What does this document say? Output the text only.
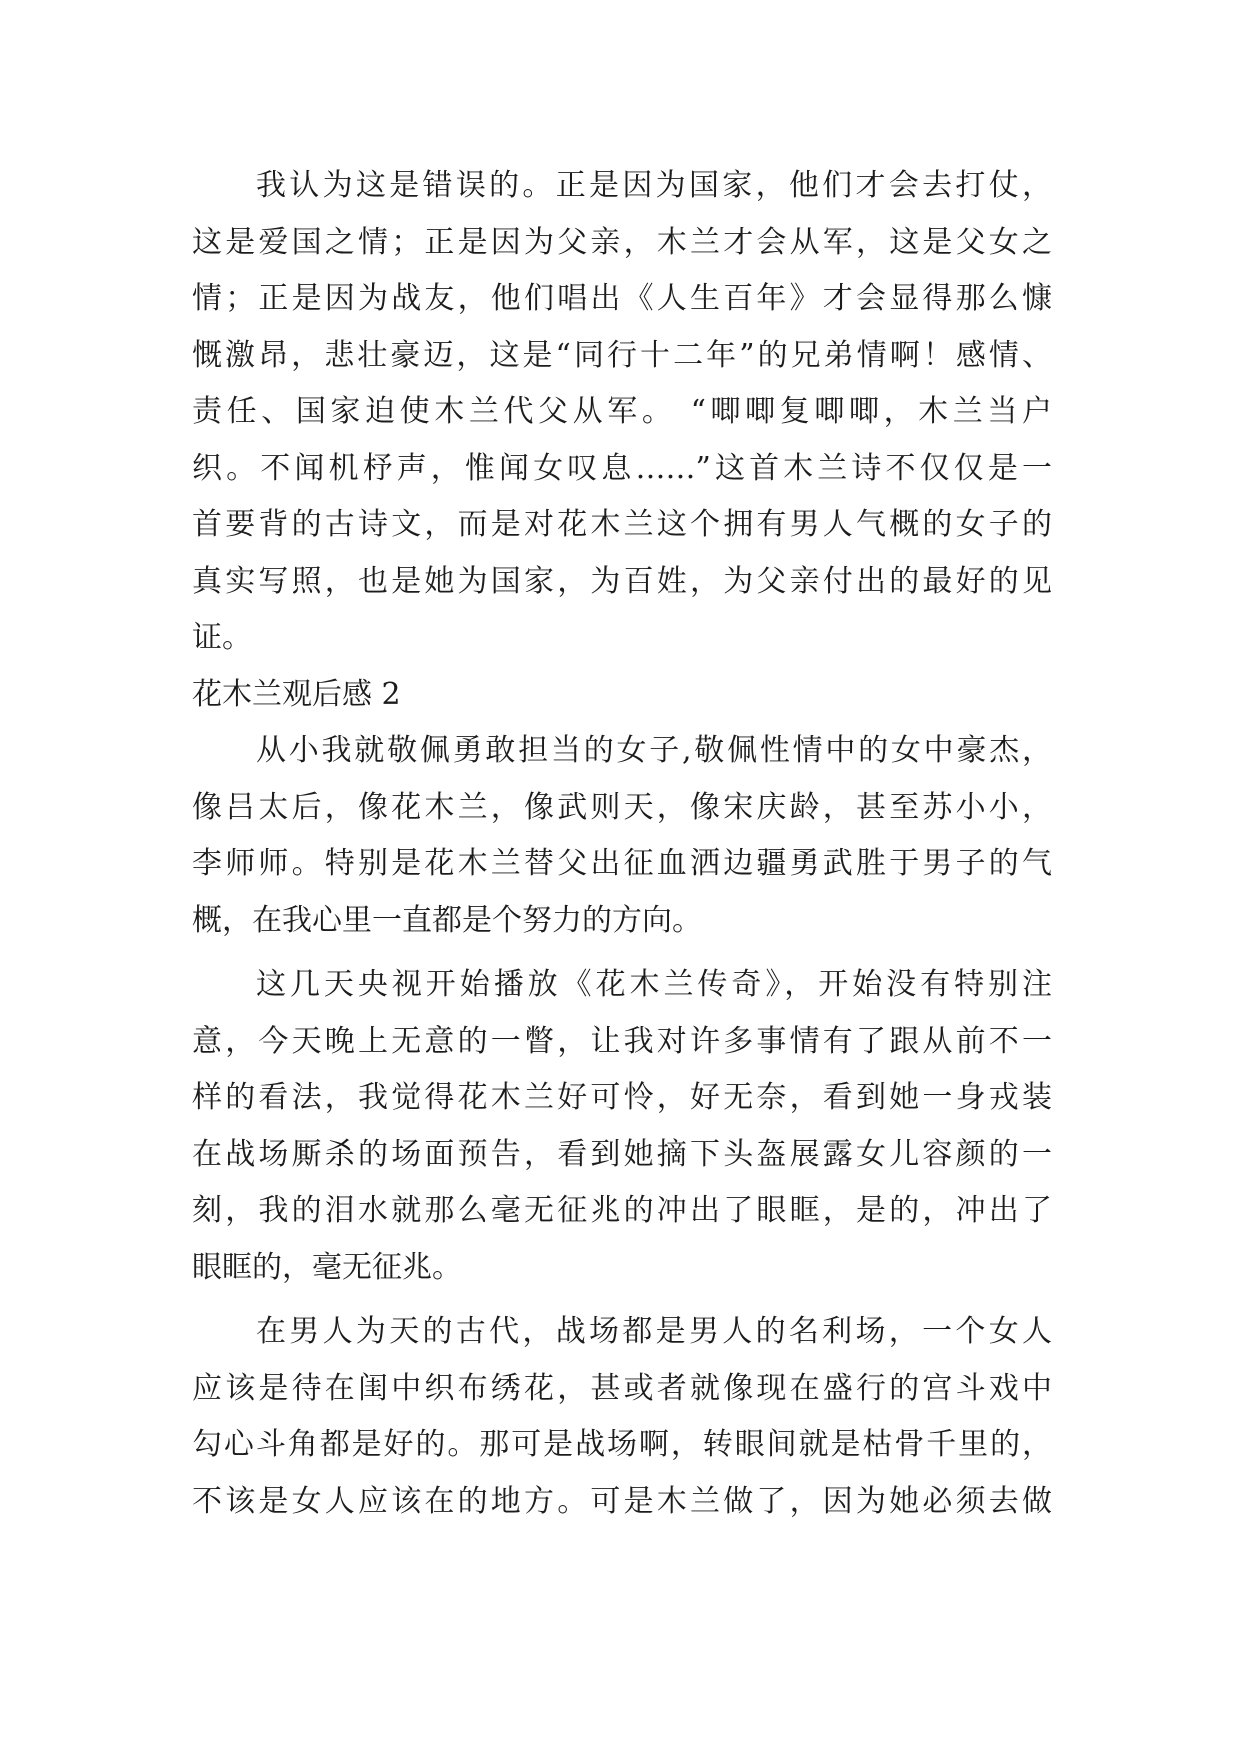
我认为这是错误的。正是因为国家，他们才会去打仗，
这是爱国之情；正是因为父亲，木兰才会从军，这是父女之
情；正是因为战友，他们唱出《人生百年》才会显得那么慷
慨激昂，悲壮豪迈，这是“同行十二年”的兄弟情啊！感情、
责任、国家迫使木兰代父从军。 “唧唧复唧唧，木兰当户
织。不闻机杼声，惟闻女叹息……”这首木兰诗不仅仅是一
首要背的古诗文，而是对花木兰这个拥有男人气概的女子的
真实写照，也是她为国家，为百姓，为父亲付出的最好的见
证。
花木兰观后感 2
从小我就敬佩勇敢担当的女子,敬佩性情中的女中豪杰，
像吕太后，像花木兰，像武则天，像宋庆龄，甚至苏小小，
李师师。特别是花木兰替父出征血洒边疆勇武胜于男子的气
概，在我心里一直都是个努力的方向。
这几天央视开始播放《花木兰传奇》，开始没有特别注
意，今天晚上无意的一瞥，让我对许多事情有了跟从前不一
样的看法，我觉得花木兰好可怜，好无奈，看到她一身戎装
在战场厮杀的场面预告，看到她摘下头盔展露女儿容颜的一
刻，我的泪水就那么毫无征兆的冲出了眼眶，是的，冲出了
眼眶的，毫无征兆。
在男人为天的古代，战场都是男人的名利场，一个女人
应该是待在闺中织布绣花，甚或者就像现在盛行的宫斗戏中
勾心斗角都是好的。那可是战场啊，转眼间就是枯骨千里的，
不该是女人应该在的地方。可是木兰做了，因为她必须去做
